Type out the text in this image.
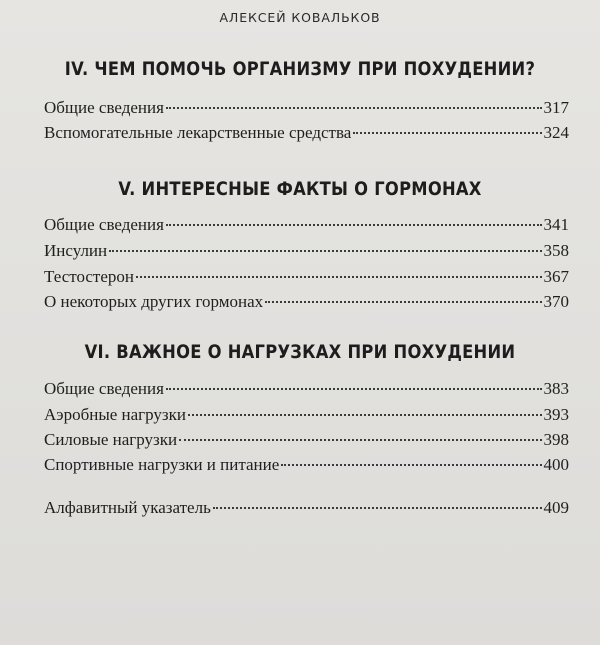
АЛЕКСЕЙ КОВАЛЬКОВ
IV. ЧЕМ ПОМОЧЬ ОРГАНИЗМУ ПРИ ПОХУДЕНИИ?
Общие сведения	317
Вспомогательные лекарственные средства	324
V. ИНТЕРЕСНЫЕ ФАКТЫ О ГОРМОНАХ
Общие сведения	341
Инсулин	358
Тестостерон	367
О некоторых других гормонах	370
VI. ВАЖНОЕ О НАГРУЗКАХ ПРИ ПОХУДЕНИИ
Общие сведения	383
Аэробные нагрузки	393
Силовые нагрузки	398
Спортивные нагрузки и питание	400
Алфавитный указатель	409
